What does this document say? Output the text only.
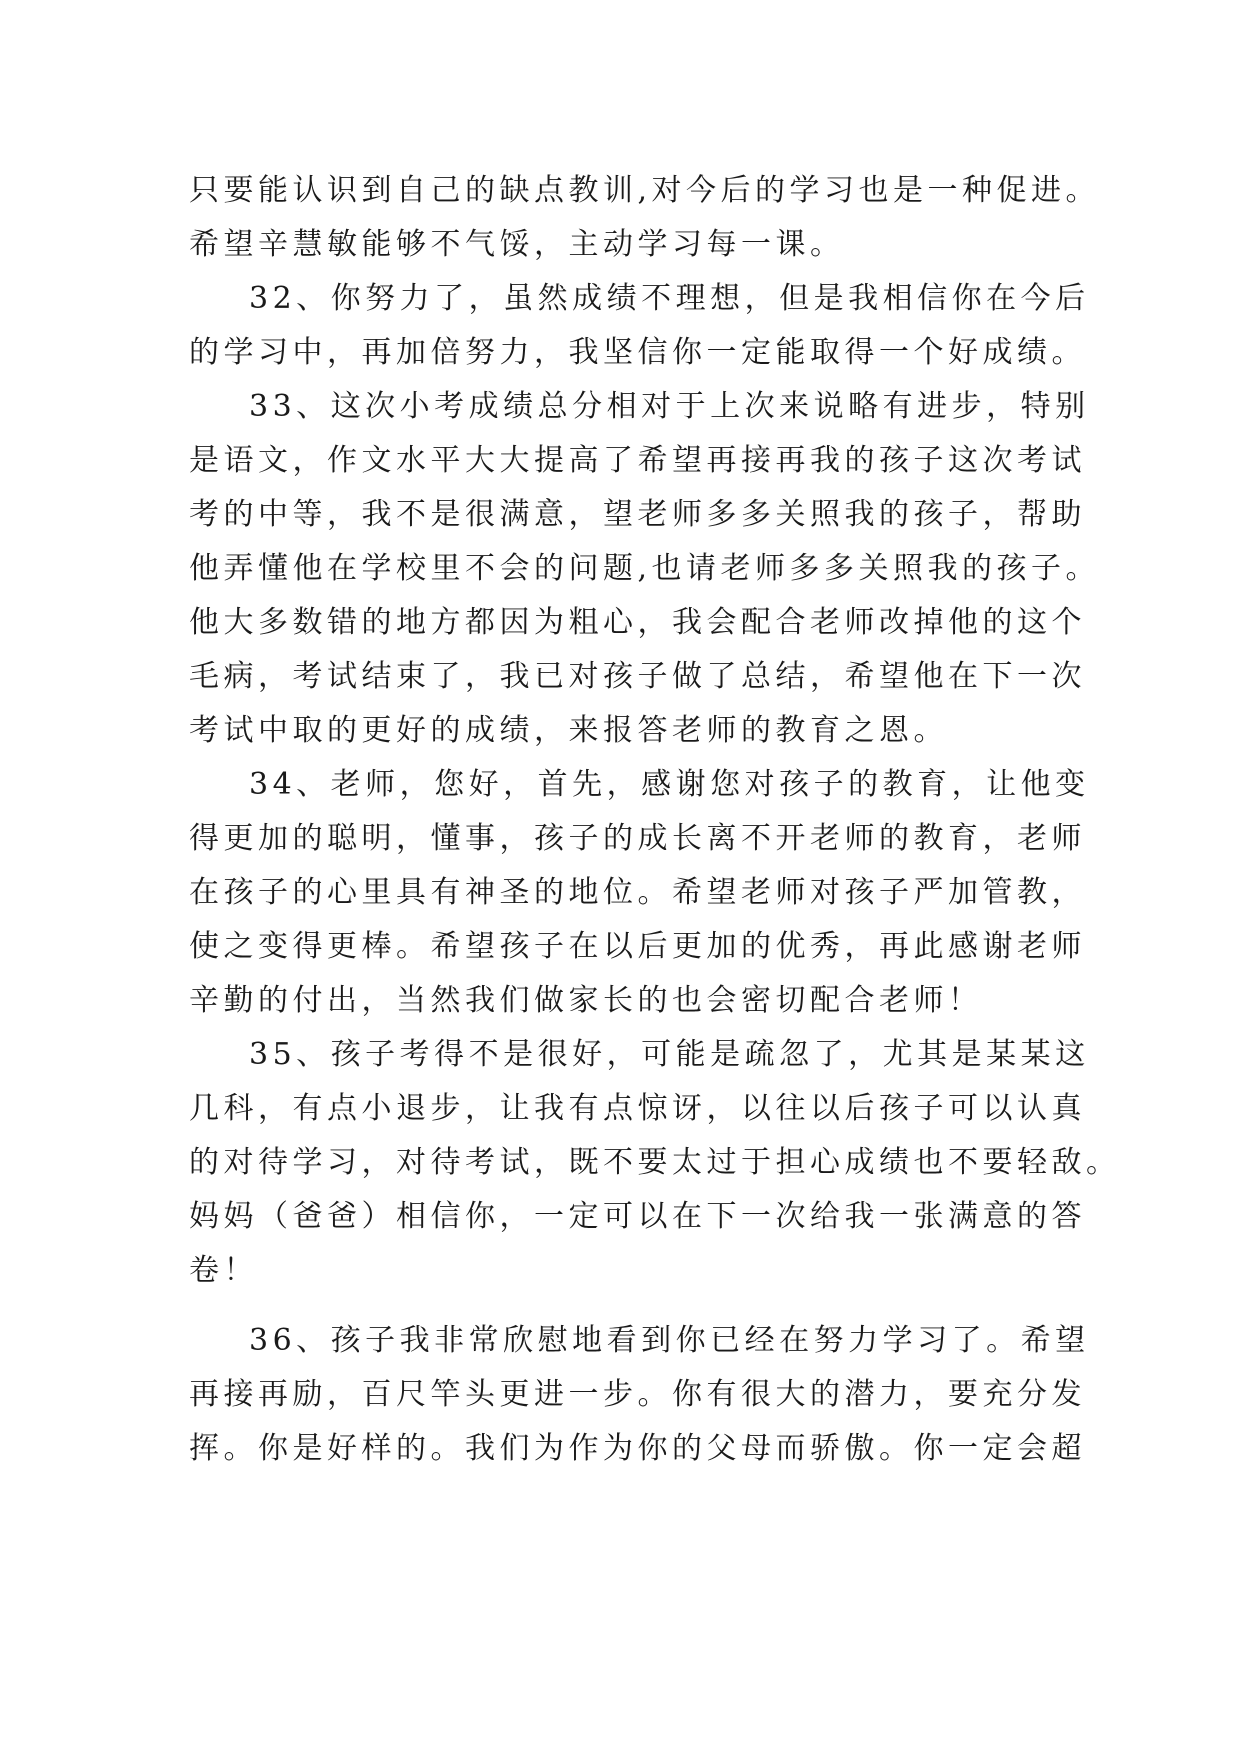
只要能认识到自己的缺点教训,对今后的学习也是一种促进。
希望辛慧敏能够不气馁，主动学习每一课。
32、你努力了，虽然成绩不理想，但是我相信你在今后
的学习中，再加倍努力，我坚信你一定能取得一个好成绩。
33、这次小考成绩总分相对于上次来说略有进步，特别
是语文，作文水平大大提高了希望再接再我的孩子这次考试
考的中等，我不是很满意，望老师多多关照我的孩子，帮助
他弄懂他在学校里不会的问题,也请老师多多关照我的孩子。
他大多数错的地方都因为粗心，我会配合老师改掉他的这个
毛病，考试结束了，我已对孩子做了总结，希望他在下一次
考试中取的更好的成绩，来报答老师的教育之恩。
34、老师，您好，首先，感谢您对孩子的教育，让他变
得更加的聪明，懂事，孩子的成长离不开老师的教育，老师
在孩子的心里具有神圣的地位。希望老师对孩子严加管教，
使之变得更棒。希望孩子在以后更加的优秀，再此感谢老师
辛勤的付出，当然我们做家长的也会密切配合老师！
35、孩子考得不是很好，可能是疏忽了，尤其是某某这
几科，有点小退步，让我有点惊讶，以往以后孩子可以认真
的对待学习，对待考试，既不要太过于担心成绩也不要轻敌。
妈妈（爸爸）相信你，一定可以在下一次给我一张满意的答
卷！
36、孩子我非常欣慰地看到你已经在努力学习了。希望
再接再励，百尺竿头更进一步。你有很大的潜力，要充分发
挥。你是好样的。我们为作为你的父母而骄傲。你一定会超
